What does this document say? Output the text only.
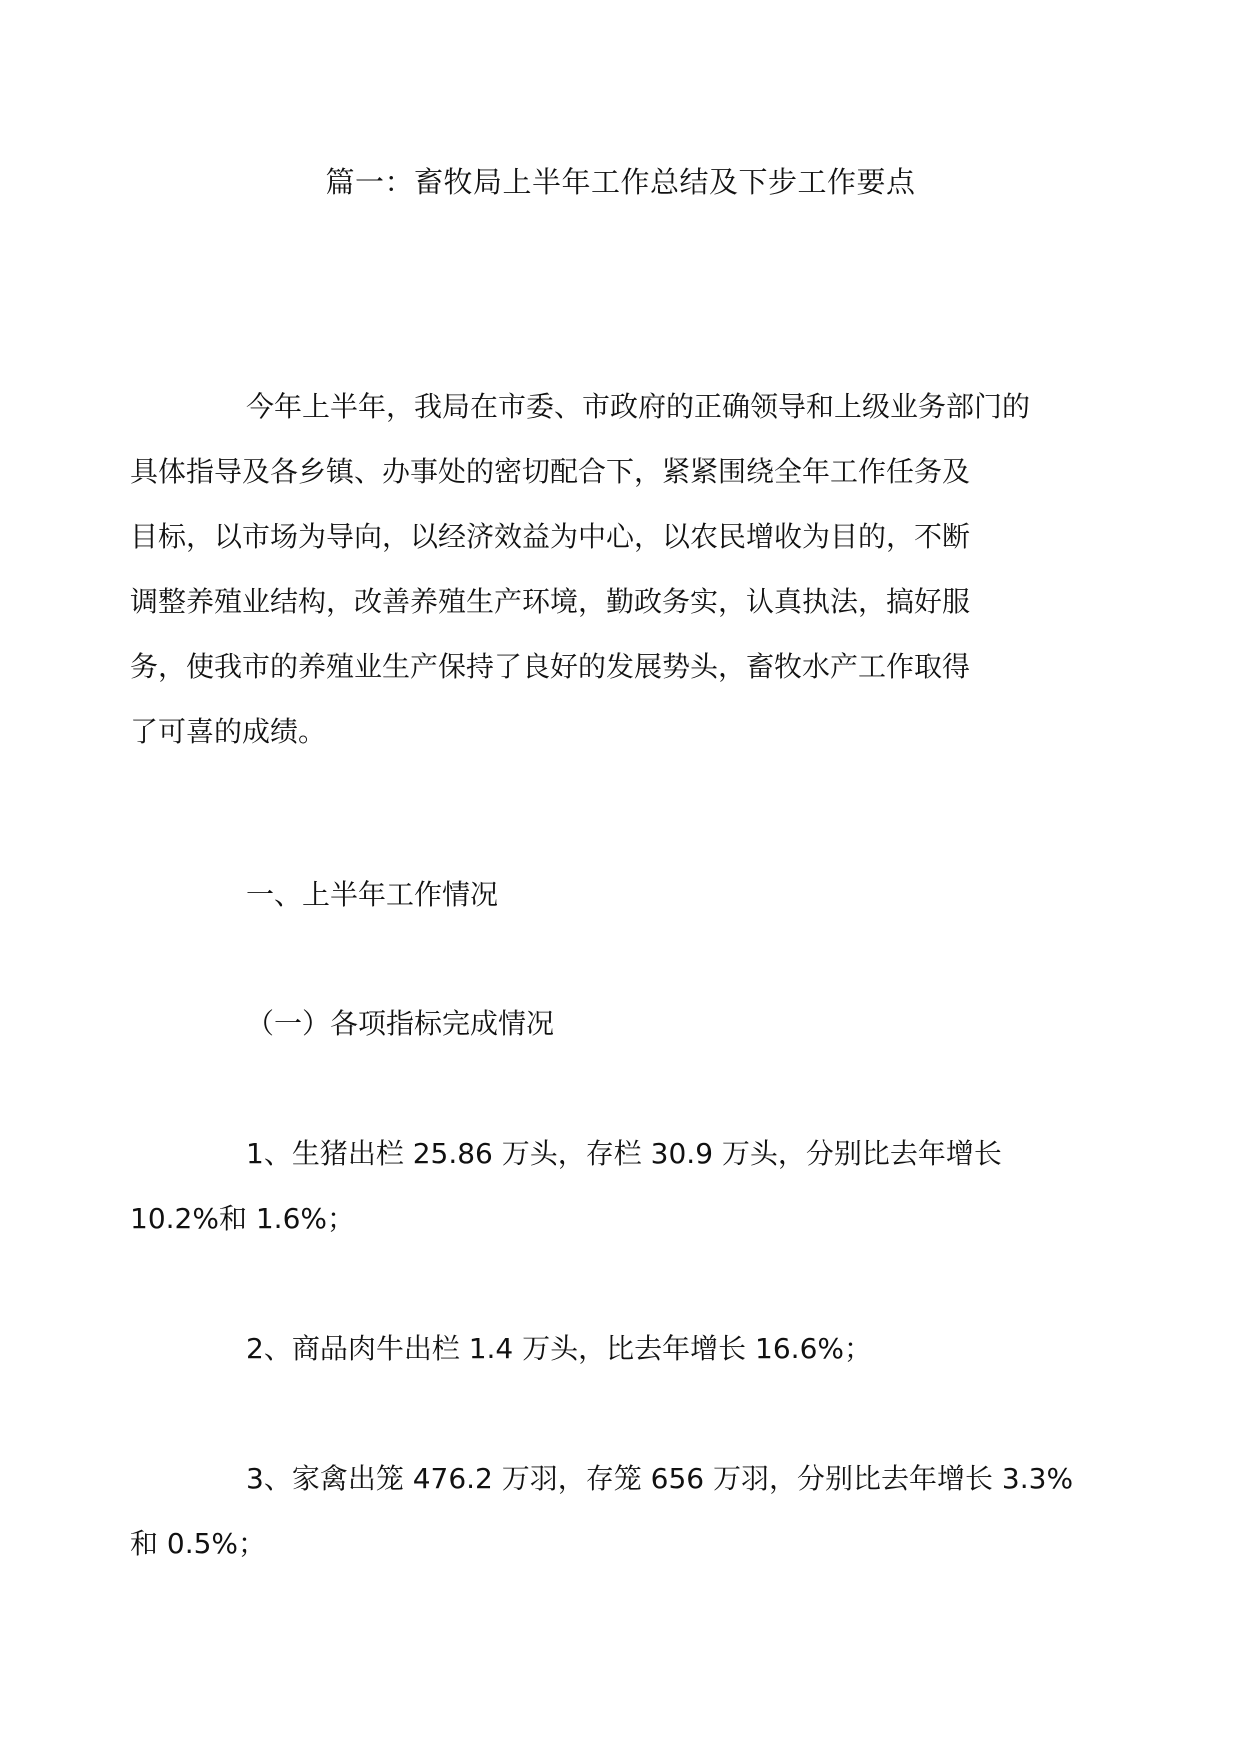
篇一：畜牧局上半年工作总结及下步工作要点
今年上半年，我局在市委、市政府的正确领导和上级业务部门的
具体指导及各乡镇、办事处的密切配合下，紧紧围绕全年工作任务及
目标，以市场为导向，以经济效益为中心，以农民增收为目的，不断
调整养殖业结构，改善养殖生产环境，勤政务实，认真执法，搞好服
务，使我市的养殖业生产保持了良好的发展势头，畜牧水产工作取得
了可喜的成绩。
一、上半年工作情况
（一）各项指标完成情况
1、生猪出栏 25.86 万头，存栏 30.9 万头，分别比去年增长
10.2%和 1.6%；
2、商品肉牛出栏 1.4 万头，比去年增长 16.6%；
3、家禽出笼 476.2 万羽，存笼 656 万羽，分别比去年增长 3.3%
和 0.5%；
